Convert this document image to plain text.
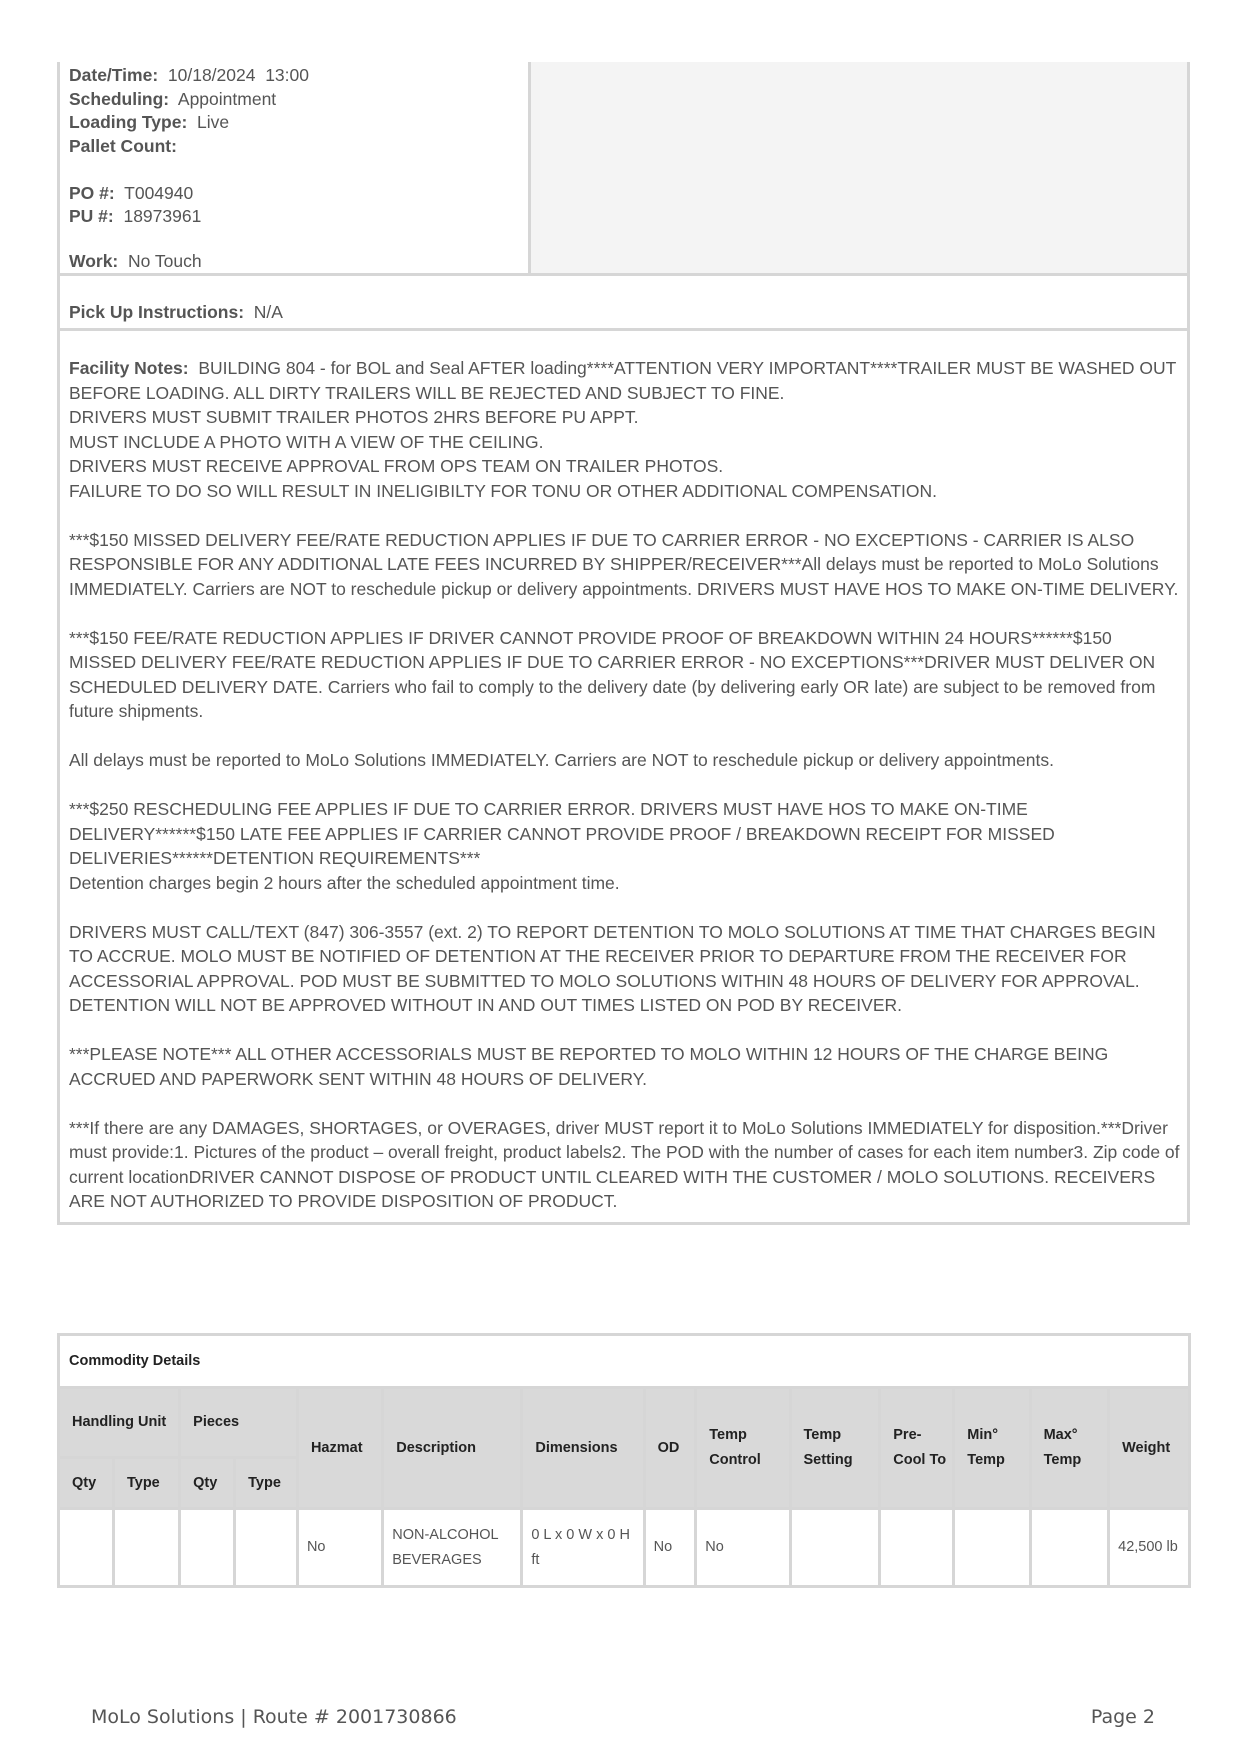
Date/Time: 10/18/2024  13:00
Scheduling: Appointment
Loading Type: Live
Pallet Count:
PO #: T004940
PU #: 18973961
Work: No Touch
Pick Up Instructions: N/A

Facility Notes: BUILDING 804 - for BOL and Seal AFTER loading****ATTENTION VERY IMPORTANT****TRAILER MUST BE WASHED OUT BEFORE LOADING. ALL DIRTY TRAILERS WILL BE REJECTED AND SUBJECT TO FINE.
DRIVERS MUST SUBMIT TRAILER PHOTOS 2HRS BEFORE PU APPT.
MUST INCLUDE A PHOTO WITH A VIEW OF THE CEILING.
DRIVERS MUST RECEIVE APPROVAL FROM OPS TEAM ON TRAILER PHOTOS.
FAILURE TO DO SO WILL RESULT IN INELIGIBILTY FOR TONU OR OTHER ADDITIONAL COMPENSATION.

***$150 MISSED DELIVERY FEE/RATE REDUCTION APPLIES IF DUE TO CARRIER ERROR - NO EXCEPTIONS - CARRIER IS ALSO RESPONSIBLE FOR ANY ADDITIONAL LATE FEES INCURRED BY SHIPPER/RECEIVER***All delays must be reported to MoLo Solutions IMMEDIATELY. Carriers are NOT to reschedule pickup or delivery appointments. DRIVERS MUST HAVE HOS TO MAKE ON-TIME DELIVERY.

***$150 FEE/RATE REDUCTION APPLIES IF DRIVER CANNOT PROVIDE PROOF OF BREAKDOWN WITHIN 24 HOURS******$150 MISSED DELIVERY FEE/RATE REDUCTION APPLIES IF DUE TO CARRIER ERROR - NO EXCEPTIONS***DRIVER MUST DELIVER ON SCHEDULED DELIVERY DATE. Carriers who fail to comply to the delivery date (by delivering early OR late) are subject to be removed from future shipments.

All delays must be reported to MoLo Solutions IMMEDIATELY. Carriers are NOT to reschedule pickup or delivery appointments.

***$250 RESCHEDULING FEE APPLIES IF DUE TO CARRIER ERROR. DRIVERS MUST HAVE HOS TO MAKE ON-TIME DELIVERY******$150 LATE FEE APPLIES IF CARRIER CANNOT PROVIDE PROOF / BREAKDOWN RECEIPT FOR MISSED DELIVERIES******DETENTION REQUIREMENTS***
Detention charges begin 2 hours after the scheduled appointment time.

DRIVERS MUST CALL/TEXT (847) 306-3557 (ext. 2) TO REPORT DETENTION TO MOLO SOLUTIONS AT TIME THAT CHARGES BEGIN TO ACCRUE. MOLO MUST BE NOTIFIED OF DETENTION AT THE RECEIVER PRIOR TO DEPARTURE FROM THE RECEIVER FOR ACCESSORIAL APPROVAL. POD MUST BE SUBMITTED TO MOLO SOLUTIONS WITHIN 48 HOURS OF DELIVERY FOR APPROVAL. DETENTION WILL NOT BE APPROVED WITHOUT IN AND OUT TIMES LISTED ON POD BY RECEIVER.

***PLEASE NOTE*** ALL OTHER ACCESSORIALS MUST BE REPORTED TO MOLO WITHIN 12 HOURS OF THE CHARGE BEING ACCRUED AND PAPERWORK SENT WITHIN 48 HOURS OF DELIVERY.

***If there are any DAMAGES, SHORTAGES, or OVERAGES, driver MUST report it to MoLo Solutions IMMEDIATELY for disposition.***Driver must provide:1. Pictures of the product – overall freight, product labels2. The POD with the number of cases for each item number3. Zip code of current locationDRIVER CANNOT DISPOSE OF PRODUCT UNTIL CLEARED WITH THE CUSTOMER / MOLO SOLUTIONS. RECEIVERS ARE NOT AUTHORIZED TO PROVIDE DISPOSITION OF PRODUCT.

Commodity Details													
Handling Unit		Pieces		Hazmat	Description	Dimensions	OD	Temp Control	Temp Setting	Pre-Cool To	Min° Temp	Max° Temp	Weight
Qty	Type	Qty	Type										
				No	NON-ALCOHOL BEVERAGES	0 L x 0 W x 0 H ft	No	No					42,500 lb
MoLo Solutions | Route # 2001730866	Page 2
